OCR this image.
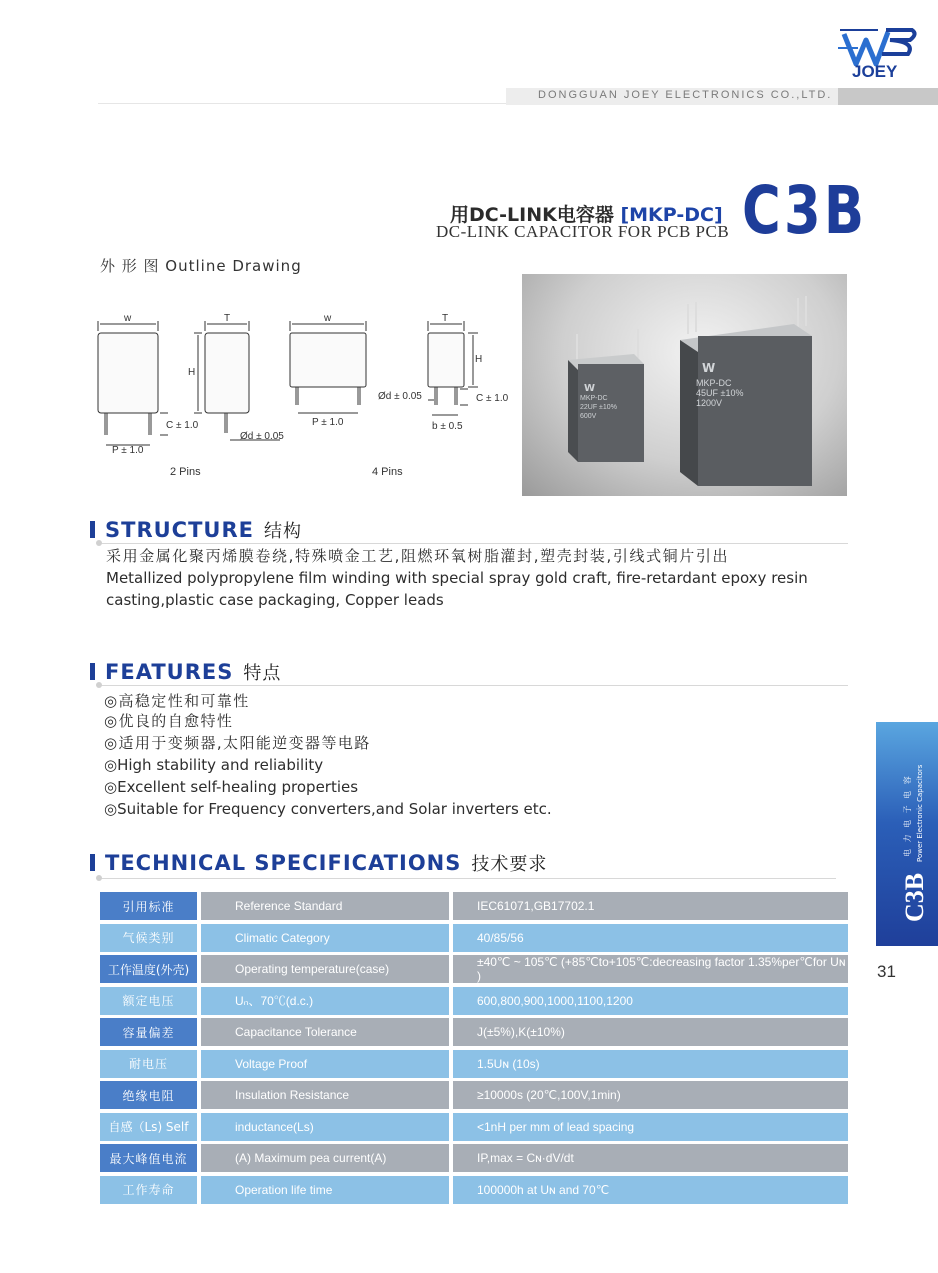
DONGGUAN JOEY ELECTRONICS CO.,LTD.
JOEY
用DC-LINK电容器 [MKP-DC]
DC-LINK CAPACITOR FOR PCB PCB C3B
外 形 图 Outline Drawing
w	T
H
C ± 1.0
P ± 1.0
Ød ± 0.05
w
P ± 1.0
T
H
C ± 1.0
Ød ± 0.05
b ± 0.5
2 Pins	4 Pins
MKP-DC
22UF ±10%
600V
W
W
MKP-DC
45UF ±10%
1200V
STRUCTURE 结构
采用金属化聚丙烯膜卷绕,特殊喷金工艺,阻燃环氧树脂灌封,塑壳封装,引线式铜片引出
Metallized polypropylene film winding with special spray gold craft, fire-retardant epoxy resin
casting,plastic case packaging, Copper leads
FEATURES 特点
◎高稳定性和可靠性
◎优良的自愈特性
◎适用于变频器,太阳能逆变器等电路
◎High stability and reliability
◎Excellent self-healing properties
◎Suitable for Frequency converters,and Solar inverters etc.
TECHNICAL SPECIFICATIONS 技术要求
引用标准	Reference Standard	IEC61071,GB17702.1
气候类别	Climatic Category	40/85/56
工作温度(外壳)	Operating temperature(case)	±40℃ ~ 105℃ (+85℃to+105℃:decreasing factor 1.35%per℃for Uɴ )
额定电压	Uₙ、70℃(d.c.)	600,800,900,1000,1100,1200
容量偏差	Capacitance Tolerance	J(±5%),K(±10%)
耐电压	Voltage Proof	1.5Uɴ (10s)
绝缘电阻	Insulation Resistance	≥10000s (20℃,100V,1min)
自感（Ls) Self	inductance(Ls)	<1nH per mm of lead spacing
最大峰值电流	(A) Maximum pea current(A)	IP,max = Cɴ·dV/dt
工作寿命	Operation life time	100000h at Uɴ and 70℃
C3B
电 力 电 子 电 容 Power Electronic Capacitors
31
